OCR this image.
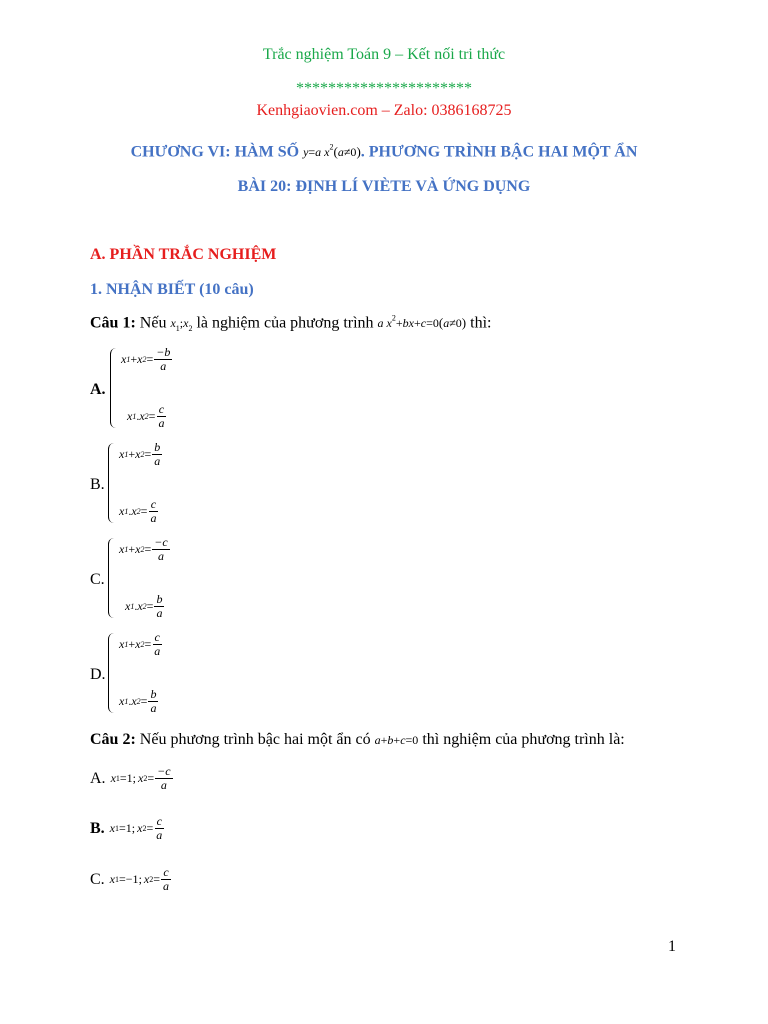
Trắc nghiệm Toán 9 – Kết nối tri thức
**********************
Kenhgiaovien.com – Zalo: 0386168725
CHƯƠNG VI: HÀM SỐ y=a $x^2(a\ne 0)$. PHƯƠNG TRÌNH BẬC HAI MỘT ẨN
BÀI 20: ĐỊNH LÍ VIÈTE VÀ ỨNG DỤNG
A. PHẦN TRẮC NGHIỆM
1. NHẬN BIẾT (10 câu)
Câu 1: Nếu $x_1;x_2$ là nghiệm của phương trình a $x^2+bx+c=0(a\ne 0)$ thì:
A.
x 1 + x $2 = \frac{-b}{a}$
x 1 . x $2 = \frac{c}{a}$
B.
x 1 + x $2 = \frac{b}{a}$
x 1 . x $2 = \frac{c}{a}$
C.
x 1 + x $2 = \frac{-c}{a}$
x 1 . x $2 = \frac{b}{a}$
D.
x 1 + x $2 = \frac{c}{a}$
x 1 . x $2 = \frac{b}{a}$
Câu 2: Nếu phương trình bậc hai một ẩn có a+b+c=0 thì nghiệm của phương trình là:
A. x 1 = 1 ; x $2 = \frac{-c}{a}$
B. x 1 = 1 ; x $2 = \frac{c}{a}$
C. x 1 = −1 ; x $2 = \frac{c}{a}$
1
